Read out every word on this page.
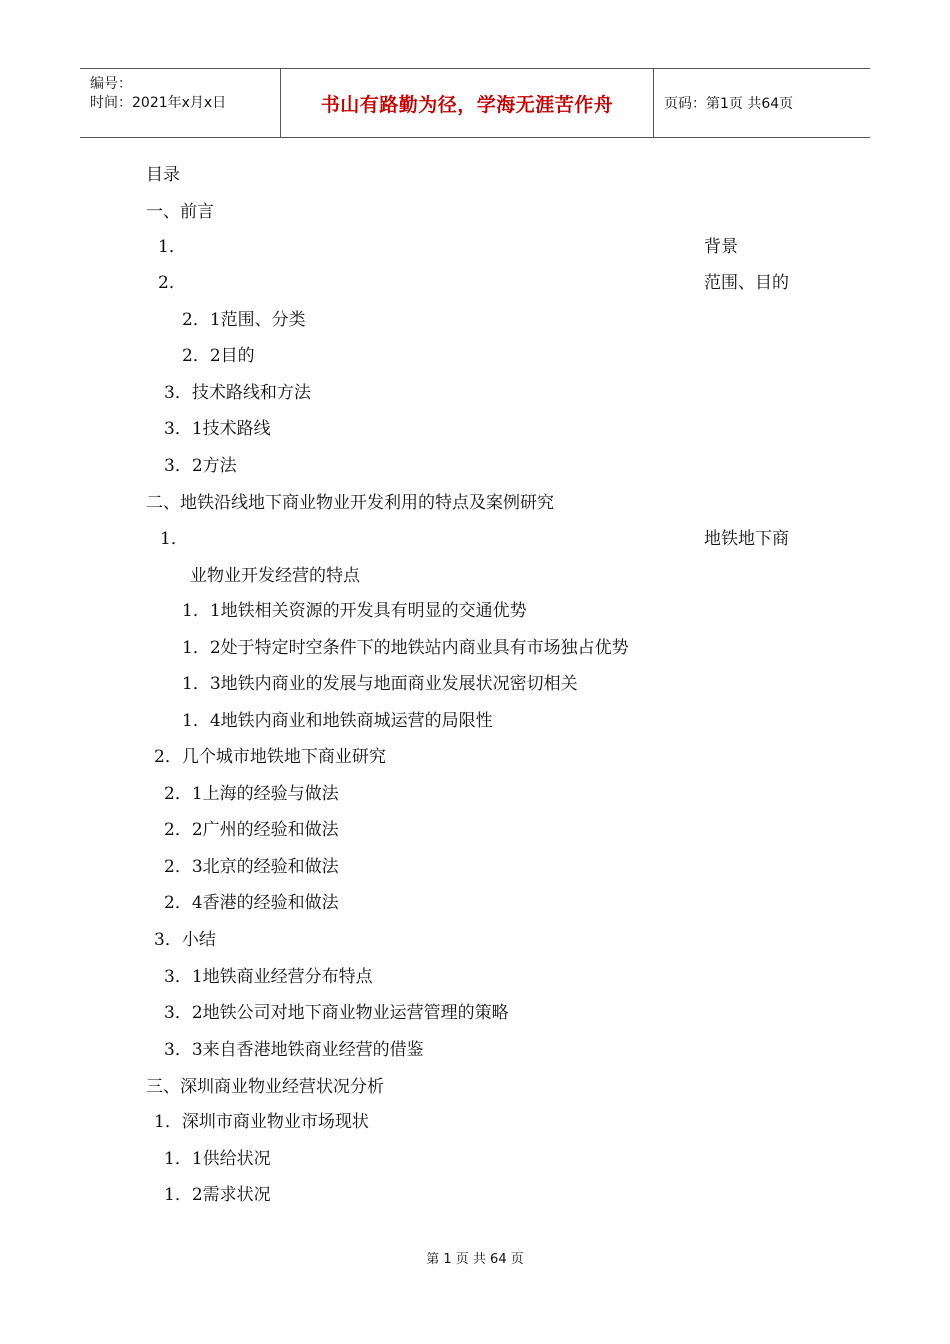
编号：
时间：2021年x月x日	书山有路勤为径，学海无涯苦作舟	页码：第1页 共64页
目录
一、前言
1．	背景
2．	范围、目的
2．1范围、分类
2．2目的
3．技术路线和方法
3．1技术路线
3．2方法
二、地铁沿线地下商业物业开发利用的特点及案例研究
1．	地铁地下商
业物业开发经营的特点
1．1地铁相关资源的开发具有明显的交通优势
1．2处于特定时空条件下的地铁站内商业具有市场独占优势
1．3地铁内商业的发展与地面商业发展状况密切相关
1．4地铁内商业和地铁商城运营的局限性
2．几个城市地铁地下商业研究
2．1上海的经验与做法
2．2广州的经验和做法
2．3北京的经验和做法
2．4香港的经验和做法
3．小结
3．1地铁商业经营分布特点
3．2地铁公司对地下商业物业运营管理的策略
3．3来自香港地铁商业经营的借鉴
三、深圳商业物业经营状况分析
1．深圳市商业物业市场现状
1．1供给状况
1．2需求状况
第 1 页 共 64 页
